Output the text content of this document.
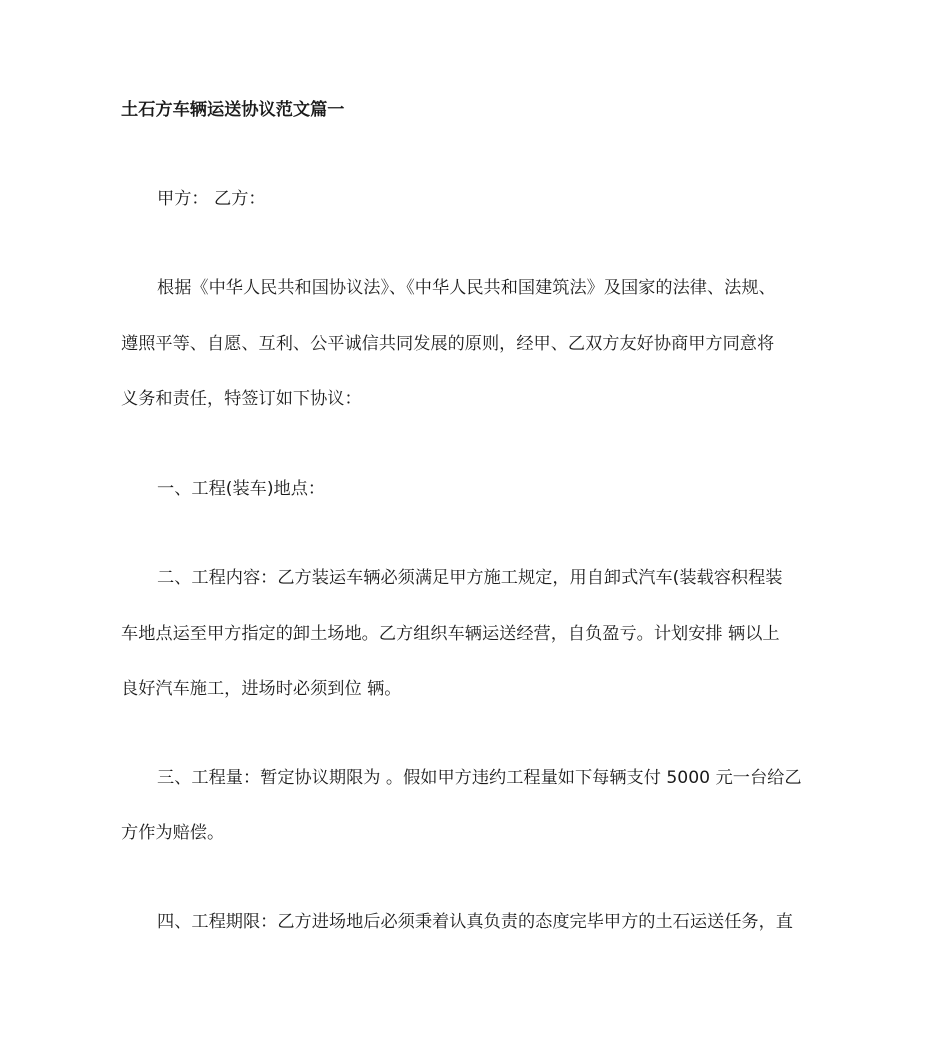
土石方车辆运送协议范文篇一
甲方： 乙方：
根据《中华人民共和国协议法》、《中华人民共和国建筑法》及国家的法律、法规、
遵照平等、自愿、互利、公平诚信共同发展的原则，经甲、乙双方友好协商甲方同意将
义务和责任，特签订如下协议：
一、工程(装车)地点：
二、工程内容：乙方装运车辆必须满足甲方施工规定，用自卸式汽车(装载容积程装
车地点运至甲方指定的卸土场地。乙方组织车辆运送经营，自负盈亏。计划安排 辆以上
良好汽车施工，进场时必须到位 辆。
三、工程量：暂定协议期限为 。假如甲方违约工程量如下每辆支付 5000 元一台给乙
方作为赔偿。
四、工程期限：乙方进场地后必须秉着认真负责的态度完毕甲方的土石运送任务，直
